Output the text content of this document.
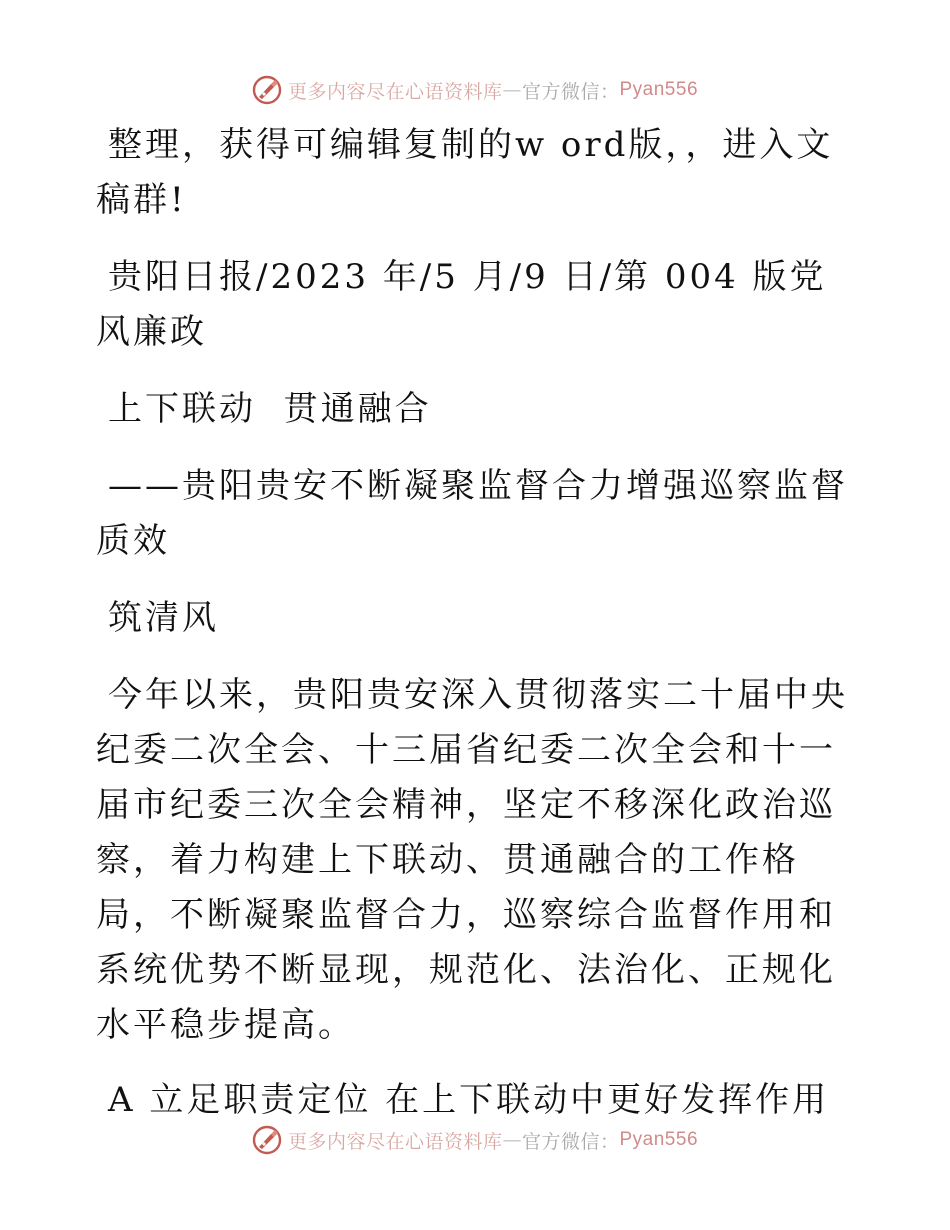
更多内容尽在心语资料库 — 官方微信： Pyan556

整理，获得可编辑复制的w ord版，，进入文稿群!

贵阳日报/2023 年/5 月/9 日/第 004 版党风廉政

上下联动  贯通融合

——贵阳贵安不断凝聚监督合力增强巡察监督质效

筑清风

今年以来，贵阳贵安深入贯彻落实二十届中央纪委二次全会、十三届省纪委二次全会和十一届市纪委三次全会精神，坚定不移深化政治巡察，着力构建上下联动、贯通融合的工作格局，不断凝聚监督合力，巡察综合监督作用和系统优势不断显现，规范化、法治化、正规化水平稳步提高。

A 立足职责定位 在上下联动中更好发挥作用

更多内容尽在心语资料库 — 官方微信： Pyan556
